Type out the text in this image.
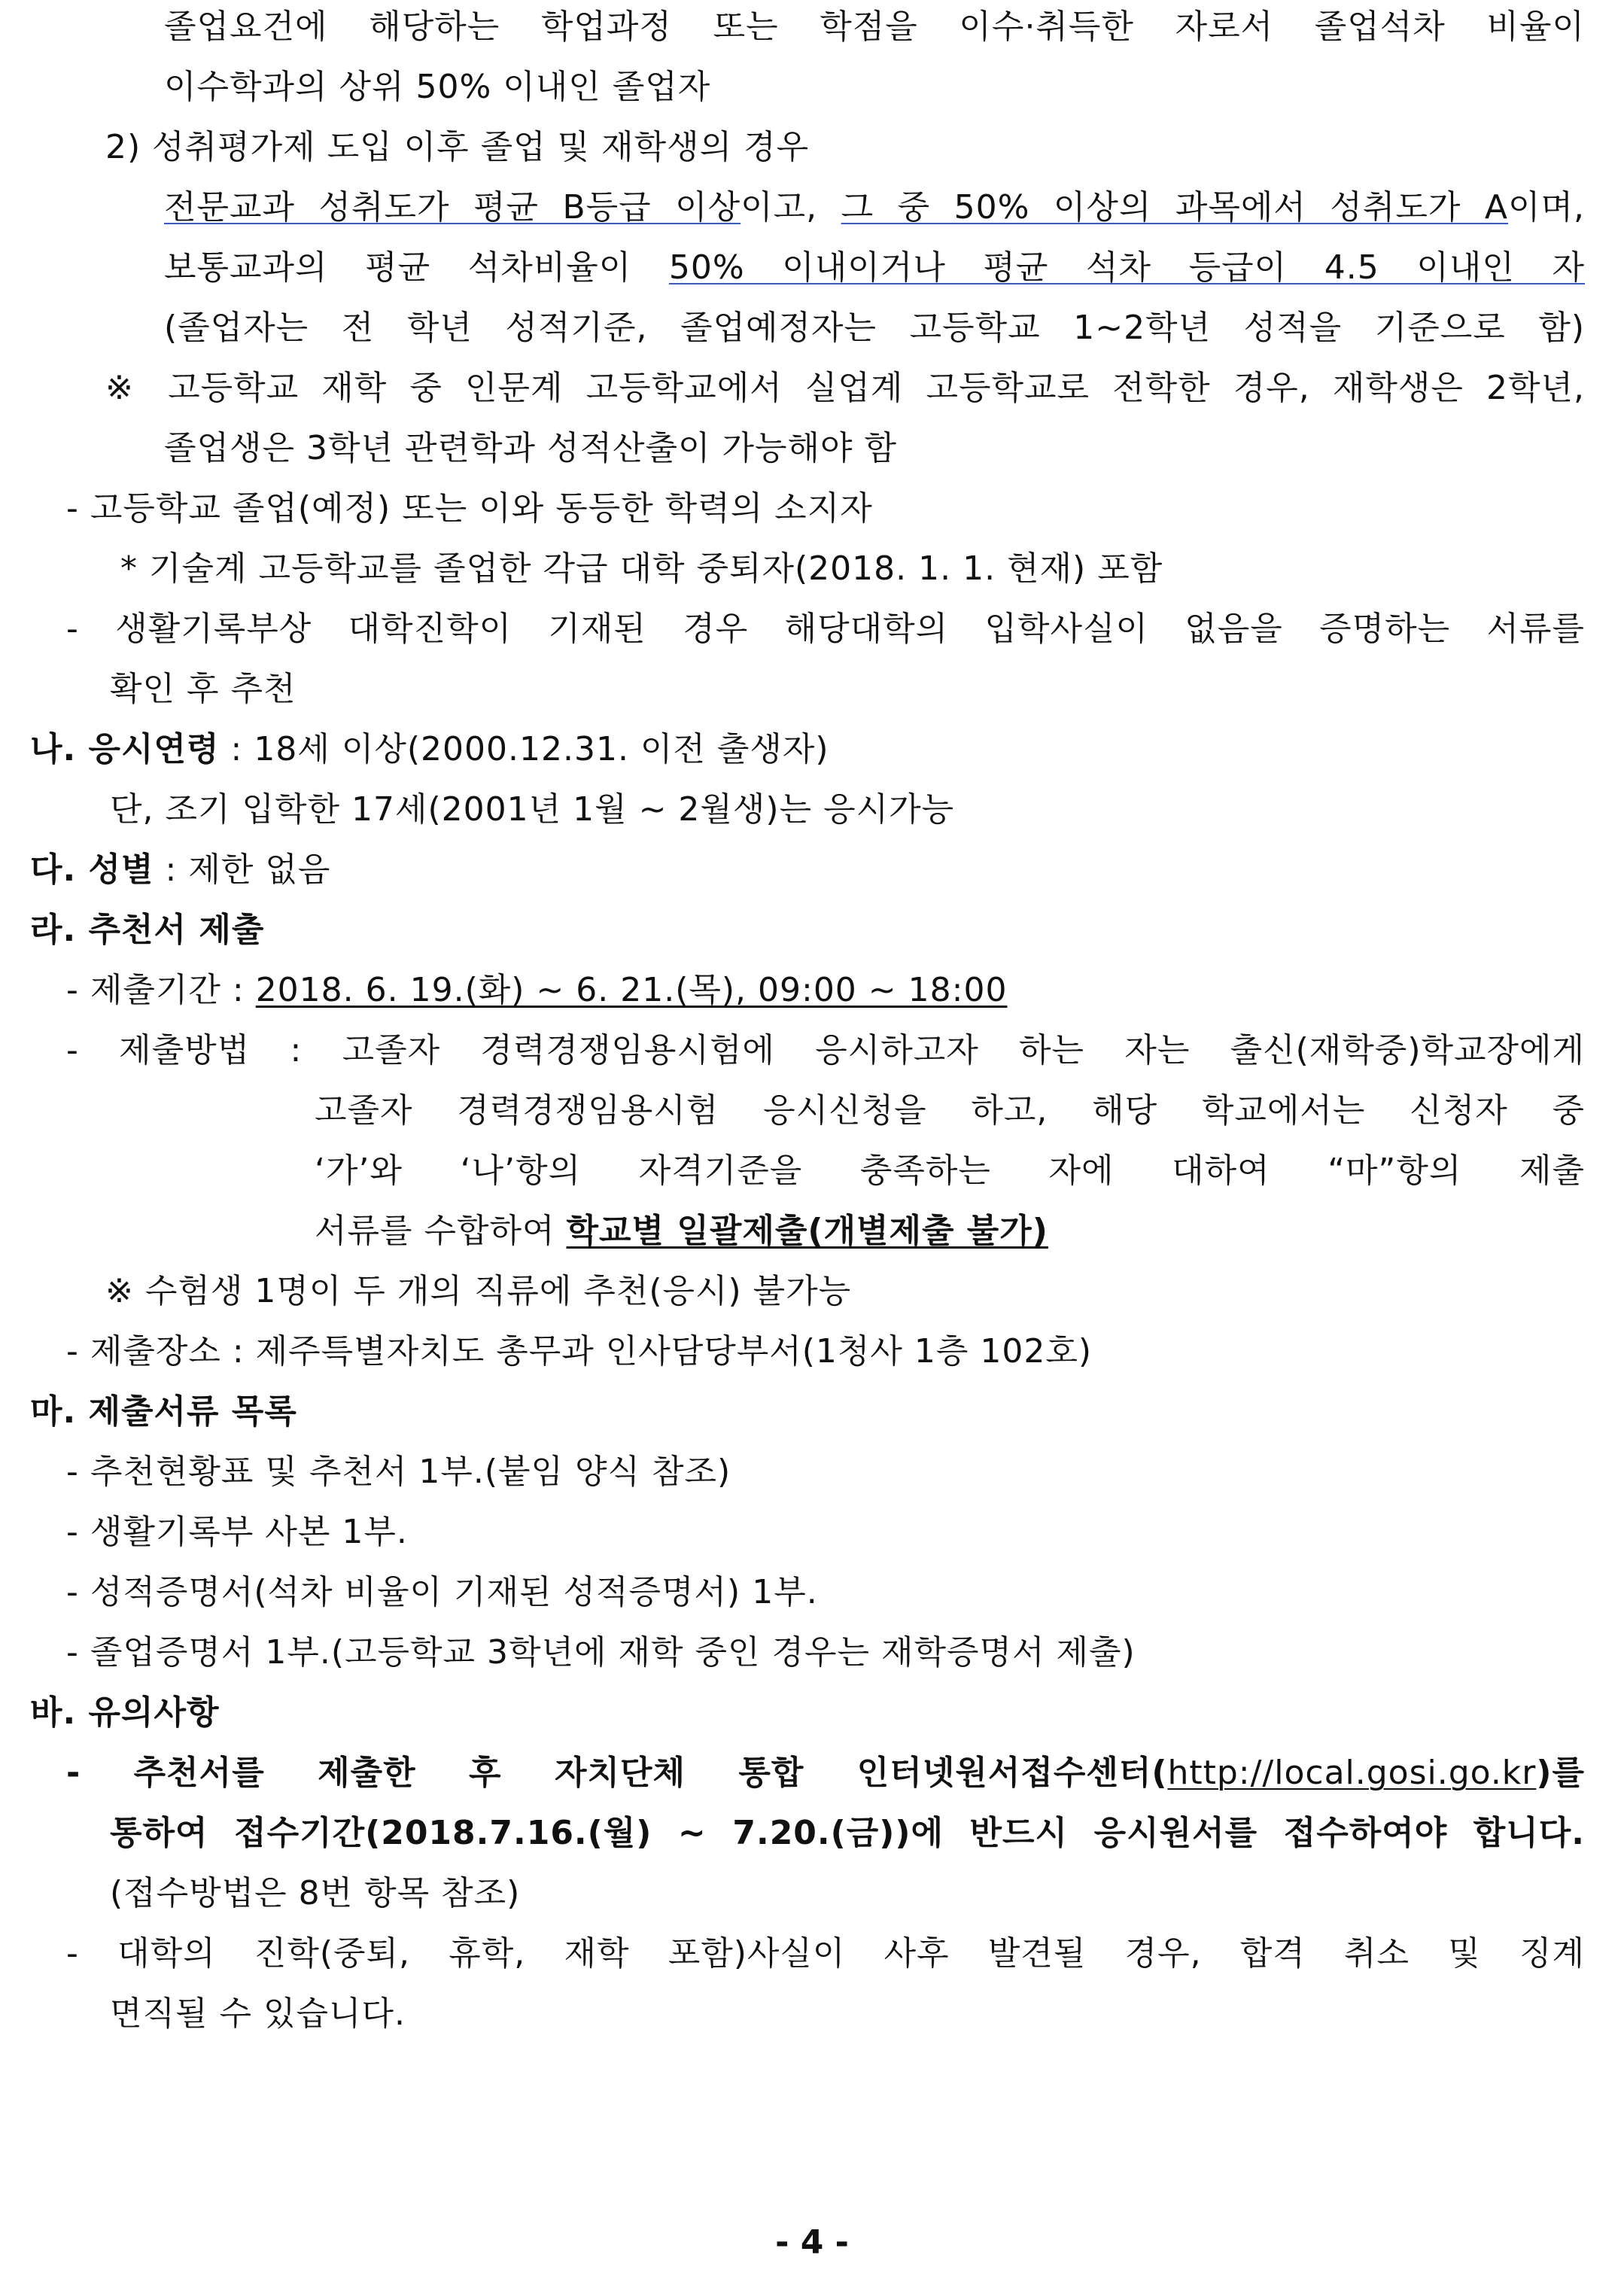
졸업요건에 해당하는 학업과정 또는 학점을 이수·취득한 자로서 졸업석차 비율이
이수학과의 상위 50% 이내인 졸업자
2) 성취평가제 도입 이후 졸업 및 재학생의 경우
전문교과 성취도가 평균 B등급 이상이고, 그 중 50% 이상의 과목에서 성취도가 A이며,
보통교과의 평균 석차비율이 50% 이내이거나 평균 석차 등급이 4.5 이내인 자
(졸업자는 전 학년 성적기준, 졸업예정자는 고등학교 1~2학년 성적을 기준으로 함)
※ 고등학교 재학 중 인문계 고등학교에서 실업계 고등학교로 전학한 경우, 재학생은 2학년,
졸업생은 3학년 관련학과 성적산출이 가능해야 함
- 고등학교 졸업(예정) 또는 이와 동등한 학력의 소지자
* 기술계 고등학교를 졸업한 각급 대학 중퇴자(2018. 1. 1. 현재) 포함
- 생활기록부상 대학진학이 기재된 경우 해당대학의 입학사실이 없음을 증명하는 서류를
확인 후 추천
나. 응시연령 : 18세 이상(2000.12.31. 이전 출생자)
단, 조기 입학한 17세(2001년 1월 ~ 2월생)는 응시가능
다. 성별 : 제한 없음
라. 추천서 제출
- 제출기간 : 2018. 6. 19.(화) ~ 6. 21.(목), 09:00 ~ 18:00
- 제출방법 : 고졸자 경력경쟁임용시험에 응시하고자 하는 자는 출신(재학중)학교장에게
고졸자 경력경쟁임용시험 응시신청을 하고, 해당 학교에서는 신청자 중
‘가’와 ‘나’항의 자격기준을 충족하는 자에 대하여 “마”항의 제출
서류를 수합하여 학교별 일괄제출(개별제출 불가)
※ 수험생 1명이 두 개의 직류에 추천(응시) 불가능
- 제출장소 : 제주특별자치도 총무과 인사담당부서(1청사 1층 102호)
마. 제출서류 목록
- 추천현황표 및 추천서 1부.(붙임 양식 참조)
- 생활기록부 사본 1부.
- 성적증명서(석차 비율이 기재된 성적증명서) 1부.
- 졸업증명서 1부.(고등학교 3학년에 재학 중인 경우는 재학증명서 제출)
바. 유의사항
- 추천서를 제출한 후 자치단체 통합 인터넷원서접수센터(http://local.gosi.go.kr)를
통하여 접수기간(2018.7.16.(월) ~ 7.20.(금))에 반드시 응시원서를 접수하여야 합니다.
(접수방법은 8번 항목 참조)
- 대학의 진학(중퇴, 휴학, 재학 포함)사실이 사후 발견될 경우, 합격 취소 및 징계
면직될 수 있습니다.
- 4 -
